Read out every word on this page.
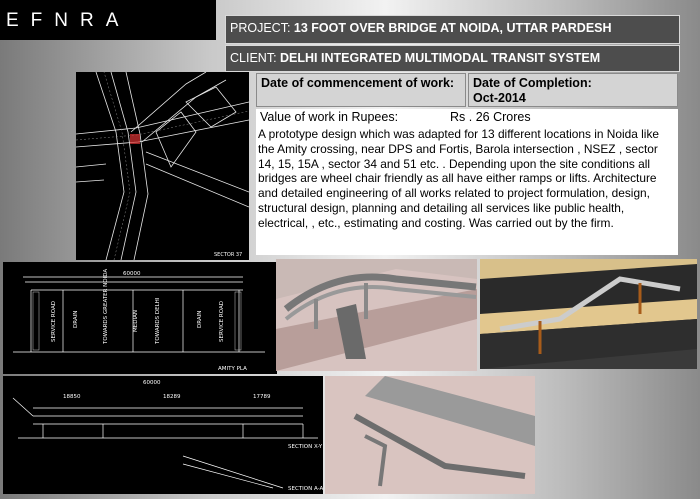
EFNRA	PROJECT: 13 FOOT OVER BRIDGE AT NOIDA, UTTAR PARDESH
CLIENT: DELHI INTEGRATED MULTIMODAL TRANSIT SYSTEM
Date of commencement of work:	Date of Completion:
Oct-2014
Value of work in Rupees:	Rs . 26 Crores
A prototype design which was adapted for 13 different locations in Noida like the Amity crossing, near DPS and Fortis, Barola intersection , NSEZ , sector 14, 15, 15A , sector 34 and 51 etc. . Depending upon the site conditions all bridges are wheel chair friendly as all have either ramps or lifts. Architecture and detailed engineering of all works related to project formulation, design, structural design, planning and detailing all services like public health, electrical, , etc., estimating and costing. Was carried out by the firm.
SECTOR 37
60000
SERVICE ROAD	DRAIN	TOWARDS GREATER NOIDA	MEDIAN	TOWARDS DELHI	DRAIN	SERVICE ROAD
AMITY PLA
60000
18850	18289	17789
SECTION X-Y
SECTION A-A
